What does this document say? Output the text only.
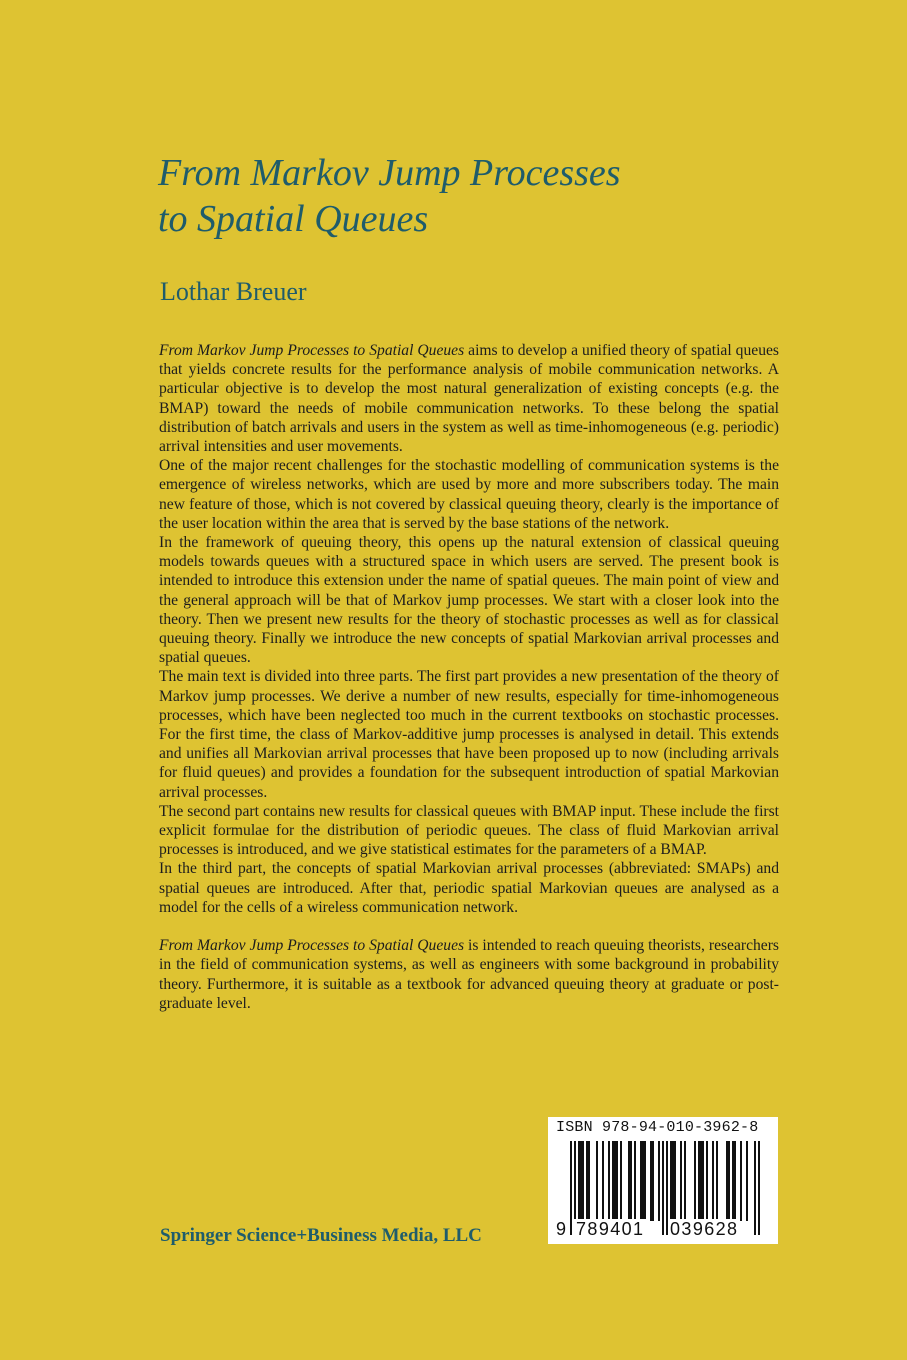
From Markov Jump Processes
to Spatial Queues
Lothar Breuer

From Markov Jump Processes to Spatial Queues aims to develop a unified theory of spatial queues that yields concrete results for the performance analysis of mobile communication networks. A particular objective is to develop the most natural generalization of existing concepts (e.g. the BMAP) toward the needs of mobile communication networks. To these belong the spatial distribution of batch arrivals and users in the system as well as time-inhomogeneous (e.g. periodic) arrival intensities and user movements.

One of the major recent challenges for the stochastic modelling of communication systems is the emergence of wireless networks, which are used by more and more subscribers today. The main new feature of those, which is not covered by classical queuing theory, clearly is the importance of the user location within the area that is served by the base stations of the network.

In the framework of queuing theory, this opens up the natural extension of classical queuing models towards queues with a structured space in which users are served. The present book is intended to introduce this extension under the name of spatial queues. The main point of view and the general approach will be that of Markov jump processes. We start with a closer look into the theory. Then we present new results for the theory of stochastic processes as well as for classical queuing theory. Finally we introduce the new concepts of spatial Markovian arrival processes and spatial queues.

The main text is divided into three parts. The first part provides a new presentation of the theory of Markov jump processes. We derive a number of new results, especially for time-inhomogeneous processes, which have been neglected too much in the current textbooks on stochastic processes. For the first time, the class of Markov-additive jump processes is analysed in detail. This extends and unifies all Markovian arrival processes that have been proposed up to now (including arrivals for fluid queues) and provides a foundation for the subsequent introduction of spatial Markovian arrival processes.

The second part contains new results for classical queues with BMAP input. These include the first explicit formulae for the distribution of periodic queues. The class of fluid Markovian arrival processes is introduced, and we give statistical estimates for the parameters of a BMAP.

In the third part, the concepts of spatial Markovian arrival processes (abbreviated: SMAPs) and spatial queues are introduced. After that, periodic spatial Markovian queues are analysed as a model for the cells of a wireless communication network.

From Markov Jump Processes to Spatial Queues is intended to reach queuing theorists, researchers in the field of communication systems, as well as engineers with some background in probability theory. Furthermore, it is suitable as a textbook for advanced queuing theory at graduate or post-graduate level.

Springer Science+Business Media, LLC
ISBN 978-94-010-3962-8
9 789401 039628
